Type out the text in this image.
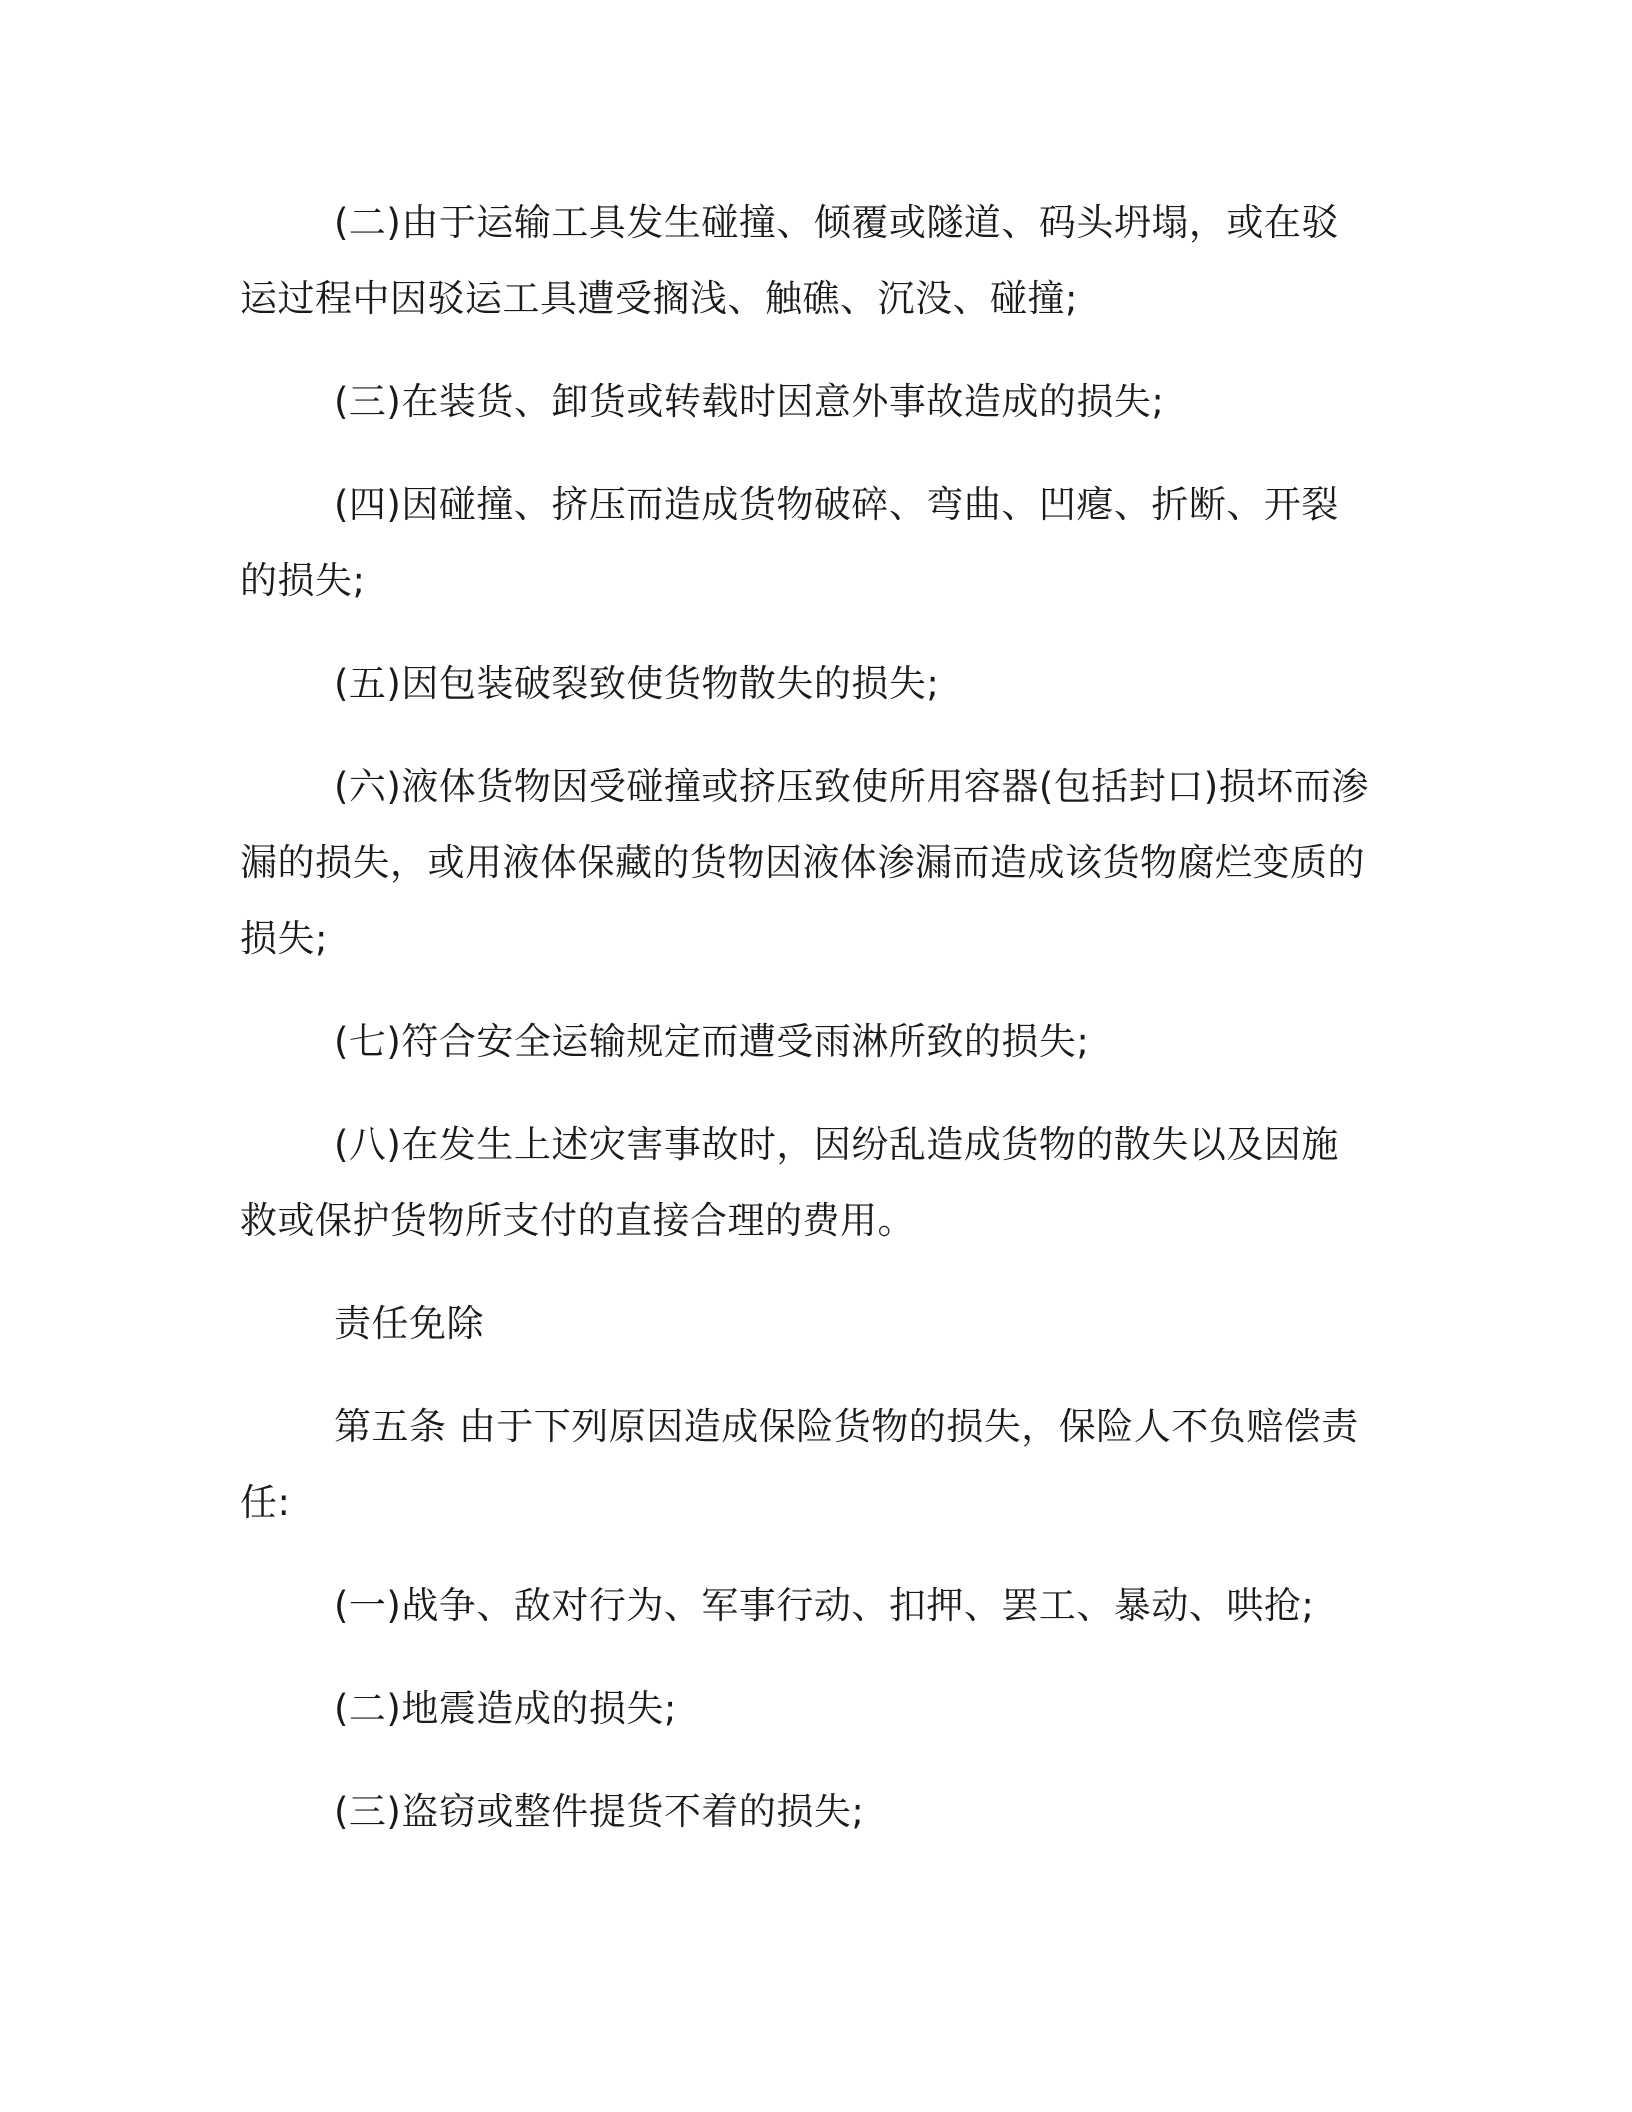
(二)由于运输工具发生碰撞、倾覆或隧道、码头坍塌，或在驳运过程中因驳运工具遭受搁浅、触礁、沉没、碰撞;

(三)在装货、卸货或转载时因意外事故造成的损失;

(四)因碰撞、挤压而造成货物破碎、弯曲、凹瘪、折断、开裂的损失;

(五)因包装破裂致使货物散失的损失;

(六)液体货物因受碰撞或挤压致使所用容器(包括封口)损坏而渗漏的损失，或用液体保藏的货物因液体渗漏而造成该货物腐烂变质的损失;

(七)符合安全运输规定而遭受雨淋所致的损失;

(八)在发生上述灾害事故时，因纷乱造成货物的散失以及因施救或保护货物所支付的直接合理的费用。

责任免除

第五条 由于下列原因造成保险货物的损失，保险人不负赔偿责任:

(一)战争、敌对行为、军事行动、扣押、罢工、暴动、哄抢;

(二)地震造成的损失;

(三)盗窃或整件提货不着的损失;
